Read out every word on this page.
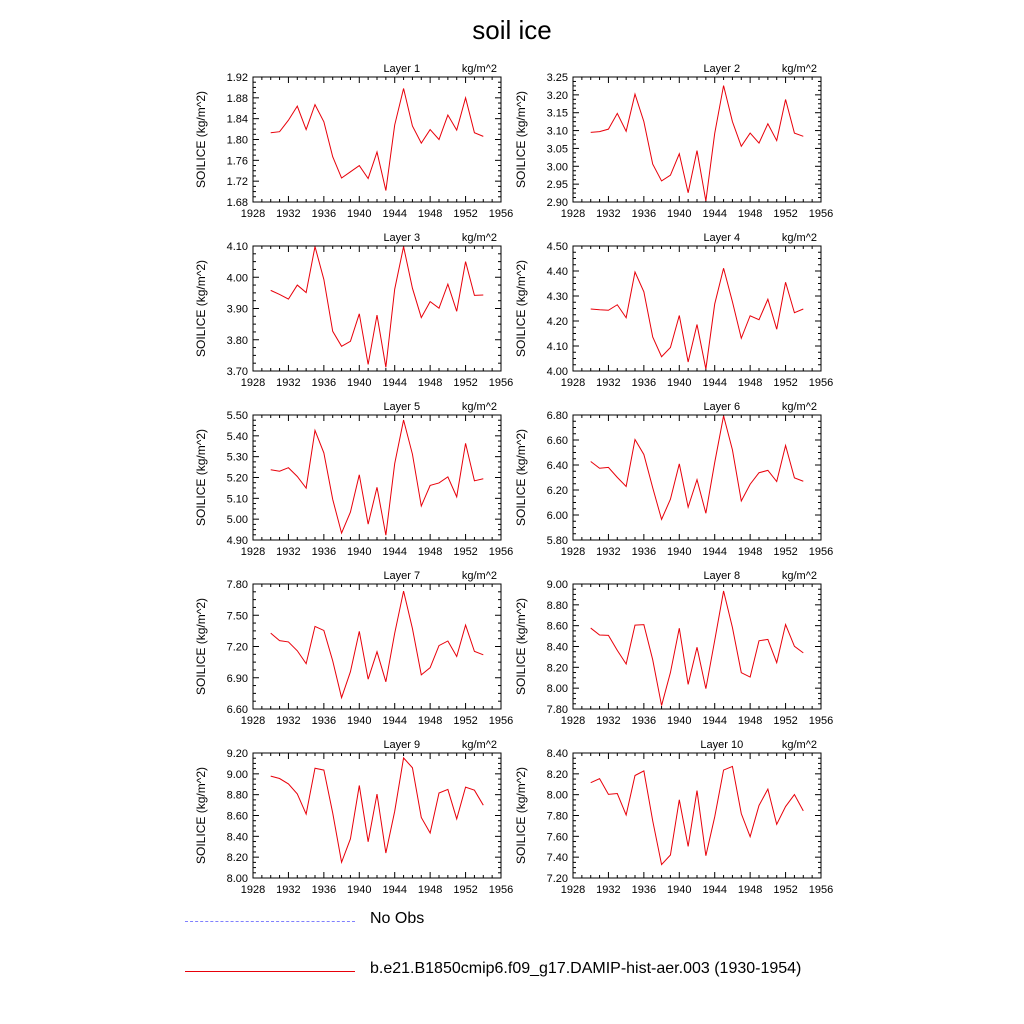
soil ice
1928 1932 1936 1940 1944 1948 1952 1956
1.68
1.72
1.76
1.80
1.84
1.88
1.92
Layer 1	kg/m^2
SOILICE (kg/m^2)
1928 1932 1936 1940 1944 1948 1952 1956
2.90
2.95
3.00
3.05
3.10
3.15
3.20
3.25
Layer 2	kg/m^2
SOILICE (kg/m^2)
1928 1932 1936 1940 1944 1948 1952 1956
3.70
3.80
3.90
4.00
4.10
Layer 3	kg/m^2
SOILICE (kg/m^2)
1928 1932 1936 1940 1944 1948 1952 1956
4.00
4.10
4.20
4.30
4.40
4.50
Layer 4	kg/m^2
SOILICE (kg/m^2)
1928 1932 1936 1940 1944 1948 1952 1956
4.90
5.00
5.10
5.20
5.30
5.40
5.50
Layer 5	kg/m^2
SOILICE (kg/m^2)
1928 1932 1936 1940 1944 1948 1952 1956
5.80
6.00
6.20
6.40
6.60
6.80
Layer 6	kg/m^2
SOILICE (kg/m^2)
1928 1932 1936 1940 1944 1948 1952 1956
6.60
6.90
7.20
7.50
7.80
Layer 7	kg/m^2
SOILICE (kg/m^2)
1928 1932 1936 1940 1944 1948 1952 1956
7.80
8.00
8.20
8.40
8.60
8.80
9.00
Layer 8	kg/m^2
SOILICE (kg/m^2)
1928 1932 1936 1940 1944 1948 1952 1956
8.00
8.20
8.40
8.60
8.80
9.00
9.20
Layer 9	kg/m^2
SOILICE (kg/m^2)
1928 1932 1936 1940 1944 1948 1952 1956
7.20
7.40
7.60
7.80
8.00
8.20
8.40
Layer 10	kg/m^2
SOILICE (kg/m^2)
No Obs
b.e21.B1850cmip6.f09_g17.DAMIP-hist-aer.003 (1930-1954)
